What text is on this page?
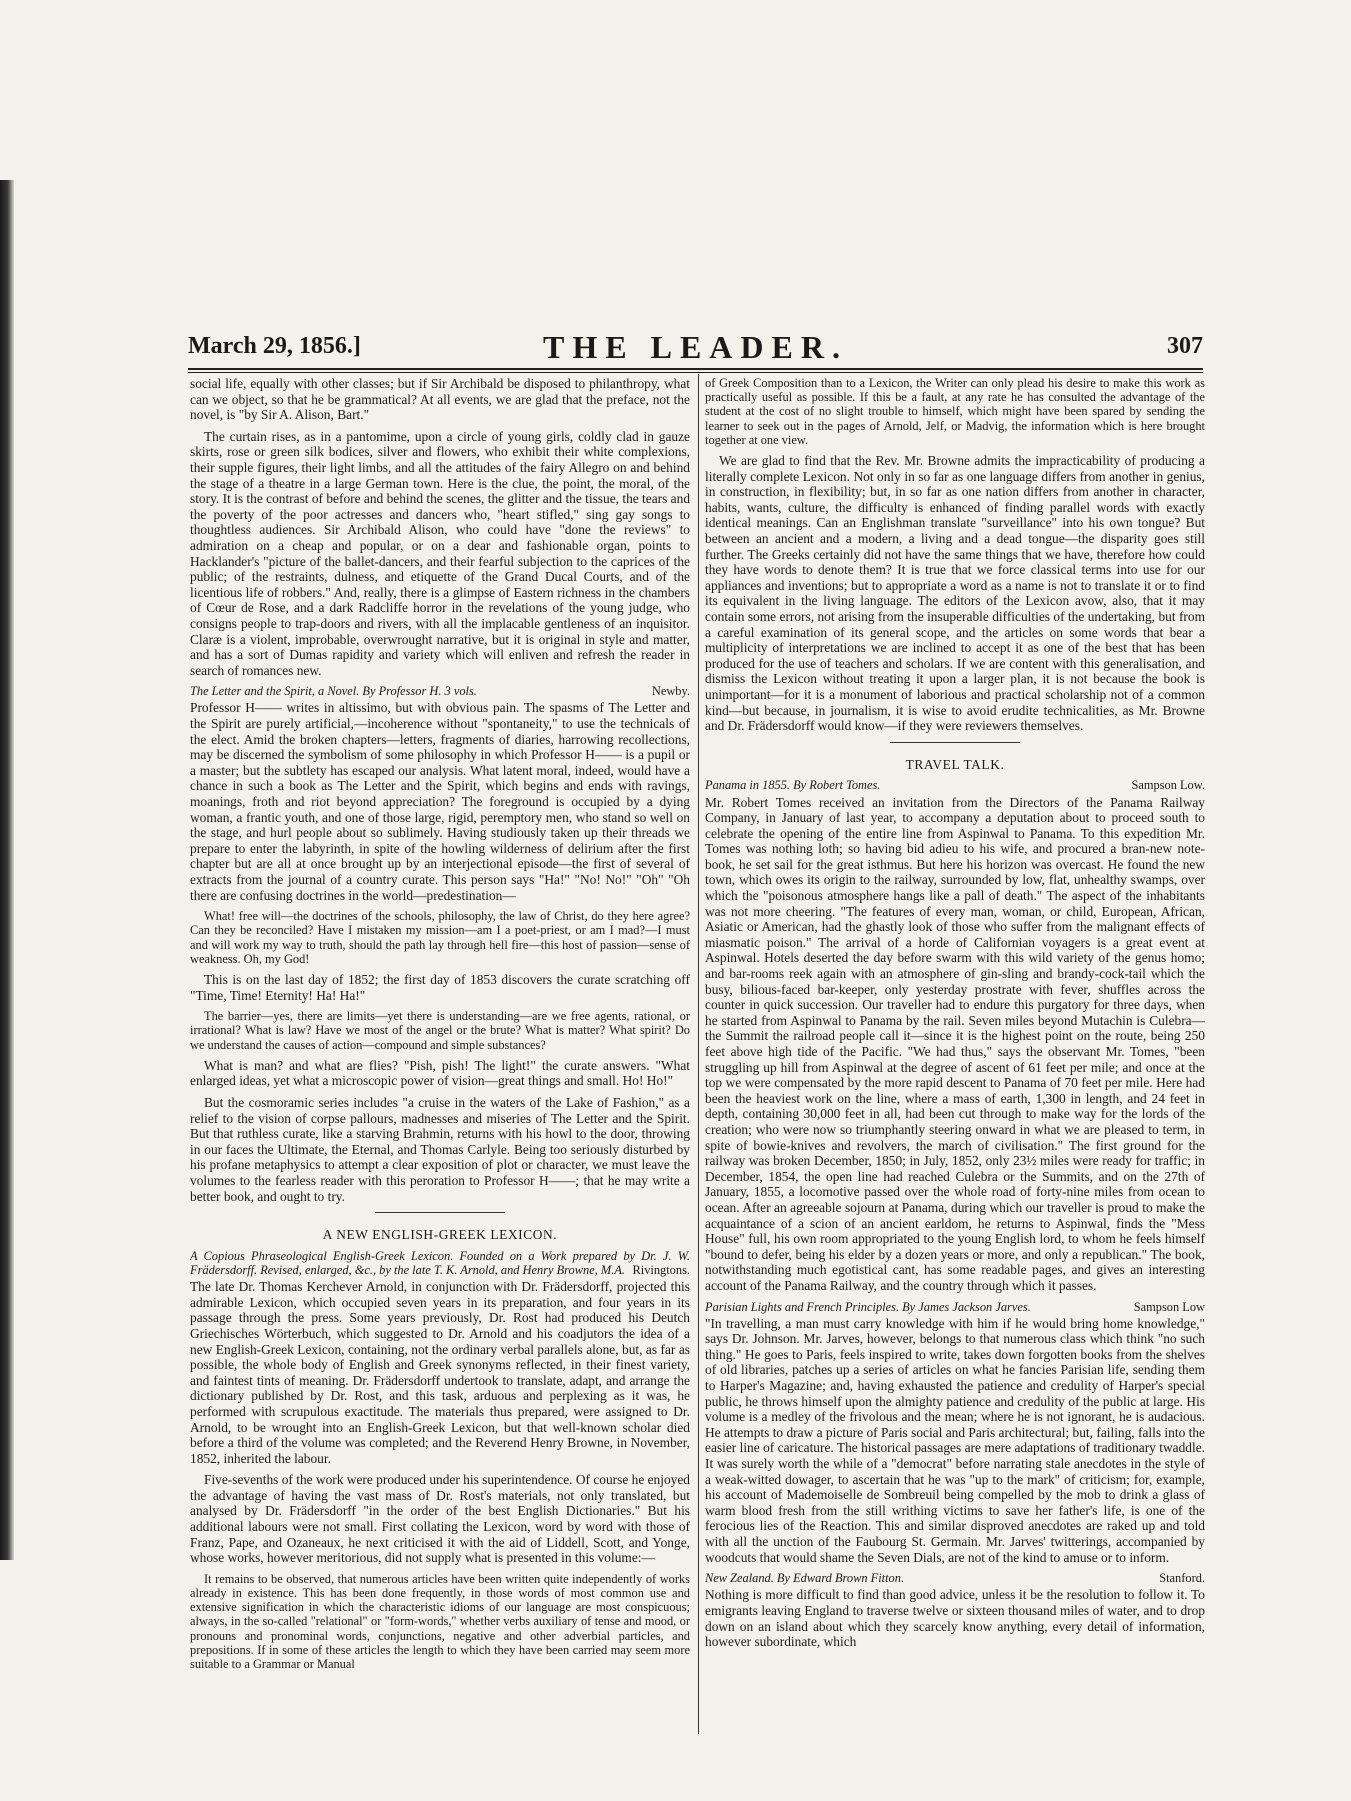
March 29, 1856.]	THE LEADER.	307

social life, equally with other classes; but if Sir Archibald be disposed to philanthropy, what can we object, so that he be grammatical? At all events, we are glad that the preface, not the novel, is "by Sir A. Alison, Bart."

The curtain rises, as in a pantomime, upon a circle of young girls, coldly clad in gauze skirts, rose or green silk bodices, silver and flowers, who exhibit their white complexions, their supple figures, their light limbs, and all the attitudes of the fairy Allegro on and behind the stage of a theatre in a large German town. Here is the clue, the point, the moral, of the story. It is the contrast of before and behind the scenes, the glitter and the tissue, the tears and the poverty of the poor actresses and dancers who, "heart stifled," sing gay songs to thoughtless audiences. Sir Archibald Alison, who could have "done the reviews" to admiration on a cheap and popular, or on a dear and fashionable organ, points to Hacklander's "picture of the ballet-dancers, and their fearful subjection to the caprices of the public; of the restraints, dulness, and etiquette of the Grand Ducal Courts, and of the licentious life of robbers." And, really, there is a glimpse of Eastern richness in the chambers of Cœur de Rose, and a dark Radcliffe horror in the revelations of the young judge, who consigns people to trap-doors and rivers, with all the implacable gentleness of an inquisitor. Claræ is a violent, improbable, overwrought narrative, but it is original in style and matter, and has a sort of Dumas rapidity and variety which will enliven and refresh the reader in search of romances new.

Newby.
The Letter and the Spirit, a Novel. By Professor H. 3 vols.

Professor H—— writes in altissimo, but with obvious pain. The spasms of The Letter and the Spirit are purely artificial,—incoherence without "spontaneity," to use the technicals of the elect. Amid the broken chapters—letters, fragments of diaries, harrowing recollections, may be discerned the symbolism of some philosophy in which Professor H—— is a pupil or a master; but the subtlety has escaped our analysis. What latent moral, indeed, would have a chance in such a book as The Letter and the Spirit, which begins and ends with ravings, moanings, froth and riot beyond appreciation? The foreground is occupied by a dying woman, a frantic youth, and one of those large, rigid, peremptory men, who stand so well on the stage, and hurl people about so sublimely. Having studiously taken up their threads we prepare to enter the labyrinth, in spite of the howling wilderness of delirium after the first chapter but are all at once brought up by an interjectional episode—the first of several of extracts from the journal of a country curate. This person says "Ha!" "No! No!" "Oh" "Oh there are confusing doctrines in the world—predestination—

What! free will—the doctrines of the schools, philosophy, the law of Christ, do they here agree? Can they be reconciled? Have I mistaken my mission—am I a poet-priest, or am I mad?—I must and will work my way to truth, should the path lay through hell fire—this host of passion—sense of weakness. Oh, my God!

This is on the last day of 1852; the first day of 1853 discovers the curate scratching off "Time, Time! Eternity! Ha! Ha!"

The barrier—yes, there are limits—yet there is understanding—are we free agents, rational, or irrational? What is law? Have we most of the angel or the brute? What is matter? What spirit? Do we understand the causes of action—compound and simple substances?

What is man? and what are flies? "Pish, pish! The light!" the curate answers. "What enlarged ideas, yet what a microscopic power of vision—great things and small. Ho! Ho!"

But the cosmoramic series includes "a cruise in the waters of the Lake of Fashion," as a relief to the vision of corpse pallours, madnesses and miseries of The Letter and the Spirit. But that ruthless curate, like a starving Brahmin, returns with his howl to the door, throwing in our faces the Ultimate, the Eternal, and Thomas Carlyle. Being too seriously disturbed by his profane metaphysics to attempt a clear exposition of plot or character, we must leave the volumes to the fearless reader with this peroration to Professor H——; that he may write a better book, and ought to try.

A NEW ENGLISH-GREEK LEXICON.

A Copious Phraseological English-Greek Lexicon. Founded on a Work prepared by Dr. J. W. Frädersdorff. Revised, enlarged, &c., by the late T. K. Arnold, and Henry Browne, M.A. Rivingtons.

The late Dr. Thomas Kerchever Arnold, in conjunction with Dr. Frädersdorff, projected this admirable Lexicon, which occupied seven years in its preparation, and four years in its passage through the press. Some years previously, Dr. Rost had produced his Deutch Griechisches Wörterbuch, which suggested to Dr. Arnold and his coadjutors the idea of a new English-Greek Lexicon, containing, not the ordinary verbal parallels alone, but, as far as possible, the whole body of English and Greek synonyms reflected, in their finest variety, and faintest tints of meaning. Dr. Frädersdorff undertook to translate, adapt, and arrange the dictionary published by Dr. Rost, and this task, arduous and perplexing as it was, he performed with scrupulous exactitude. The materials thus prepared, were assigned to Dr. Arnold, to be wrought into an English-Greek Lexicon, but that well-known scholar died before a third of the volume was completed; and the Reverend Henry Browne, in November, 1852, inherited the labour.

Five-sevenths of the work were produced under his superintendence. Of course he enjoyed the advantage of having the vast mass of Dr. Rost's materials, not only translated, but analysed by Dr. Frädersdorff "in the order of the best English Dictionaries." But his additional labours were not small. First collating the Lexicon, word by word with those of Franz, Pape, and Ozaneaux, he next criticised it with the aid of Liddell, Scott, and Yonge, whose works, however meritorious, did not supply what is presented in this volume:—

It remains to be observed, that numerous articles have been written quite independently of works already in existence. This has been done frequently, in those words of most common use and extensive signification in which the characteristic idioms of our language are most conspicuous; always, in the so-called "relational" or "form-words," whether verbs auxiliary of tense and mood, or pronouns and pronominal words, conjunctions, negative and other adverbial particles, and prepositions. If in some of these articles the length to which they have been carried may seem more suitable to a Grammar or Manual

of Greek Composition than to a Lexicon, the Writer can only plead his desire to make this work as practically useful as possible. If this be a fault, at any rate he has consulted the advantage of the student at the cost of no slight trouble to himself, which might have been spared by sending the learner to seek out in the pages of Arnold, Jelf, or Madvig, the information which is here brought together at one view.

We are glad to find that the Rev. Mr. Browne admits the impracticability of producing a literally complete Lexicon. Not only in so far as one language differs from another in genius, in construction, in flexibility; but, in so far as one nation differs from another in character, habits, wants, culture, the difficulty is enhanced of finding parallel words with exactly identical meanings. Can an Englishman translate "surveillance" into his own tongue? But between an ancient and a modern, a living and a dead tongue—the disparity goes still further. The Greeks certainly did not have the same things that we have, therefore how could they have words to denote them? It is true that we force classical terms into use for our appliances and inventions; but to appropriate a word as a name is not to translate it or to find its equivalent in the living language. The editors of the Lexicon avow, also, that it may contain some errors, not arising from the insuperable difficulties of the undertaking, but from a careful examination of its general scope, and the articles on some words that bear a multiplicity of interpretations we are inclined to accept it as one of the best that has been produced for the use of teachers and scholars. If we are content with this generalisation, and dismiss the Lexicon without treating it upon a larger plan, it is not because the book is unimportant—for it is a monument of laborious and practical scholarship not of a common kind—but because, in journalism, it is wise to avoid erudite technicalities, as Mr. Browne and Dr. Frädersdorff would know—if they were reviewers themselves.

TRAVEL TALK.

Sampson Low.
Panama in 1855. By Robert Tomes.

Mr. Robert Tomes received an invitation from the Directors of the Panama Railway Company, in January of last year, to accompany a deputation about to proceed south to celebrate the opening of the entire line from Aspinwal to Panama. To this expedition Mr. Tomes was nothing loth; so having bid adieu to his wife, and procured a bran-new note-book, he set sail for the great isthmus. But here his horizon was overcast. He found the new town, which owes its origin to the railway, surrounded by low, flat, unhealthy swamps, over which the "poisonous atmosphere hangs like a pall of death." The aspect of the inhabitants was not more cheering. "The features of every man, woman, or child, European, African, Asiatic or American, had the ghastly look of those who suffer from the malignant effects of miasmatic poison." The arrival of a horde of Californian voyagers is a great event at Aspinwal. Hotels deserted the day before swarm with this wild variety of the genus homo; and bar-rooms reek again with an atmosphere of gin-sling and brandy-cock-tail which the busy, bilious-faced bar-keeper, only yesterday prostrate with fever, shuffles across the counter in quick succession. Our traveller had to endure this purgatory for three days, when he started from Aspinwal to Panama by the rail. Seven miles beyond Mutachin is Culebra—the Summit the railroad people call it—since it is the highest point on the route, being 250 feet above high tide of the Pacific. "We had thus," says the observant Mr. Tomes, "been struggling up hill from Aspinwal at the degree of ascent of 61 feet per mile; and once at the top we were compensated by the more rapid descent to Panama of 70 feet per mile. Here had been the heaviest work on the line, where a mass of earth, 1,300 in length, and 24 feet in depth, containing 30,000 feet in all, had been cut through to make way for the lords of the creation; who were now so triumphantly steering onward in what we are pleased to term, in spite of bowie-knives and revolvers, the march of civilisation." The first ground for the railway was broken December, 1850; in July, 1852, only 23½ miles were ready for traffic; in December, 1854, the open line had reached Culebra or the Summits, and on the 27th of January, 1855, a locomotive passed over the whole road of forty-nine miles from ocean to ocean. After an agreeable sojourn at Panama, during which our traveller is proud to make the acquaintance of a scion of an ancient earldom, he returns to Aspinwal, finds the "Mess House" full, his own room appropriated to the young English lord, to whom he feels himself "bound to defer, being his elder by a dozen years or more, and only a republican." The book, notwithstanding much egotistical cant, has some readable pages, and gives an interesting account of the Panama Railway, and the country through which it passes.

Sampson Low
Parisian Lights and French Principles. By James Jackson Jarves.

"In travelling, a man must carry knowledge with him if he would bring home knowledge," says Dr. Johnson. Mr. Jarves, however, belongs to that numerous class which think "no such thing." He goes to Paris, feels inspired to write, takes down forgotten books from the shelves of old libraries, patches up a series of articles on what he fancies Parisian life, sending them to Harper's Magazine; and, having exhausted the patience and credulity of Harper's special public, he throws himself upon the almighty patience and credulity of the public at large. His volume is a medley of the frivolous and the mean; where he is not ignorant, he is audacious. He attempts to draw a picture of Paris social and Paris architectural; but, failing, falls into the easier line of caricature. The historical passages are mere adaptations of traditionary twaddle. It was surely worth the while of a "democrat" before narrating stale anecdotes in the style of a weak-witted dowager, to ascertain that he was "up to the mark" of criticism; for, example, his account of Mademoiselle de Sombreuil being compelled by the mob to drink a glass of warm blood fresh from the still writhing victims to save her father's life, is one of the ferocious lies of the Reaction. This and similar disproved anecdotes are raked up and told with all the unction of the Faubourg St. Germain. Mr. Jarves' twitterings, accompanied by woodcuts that would shame the Seven Dials, are not of the kind to amuse or to inform.

Stanford.
New Zealand. By Edward Brown Fitton.

Nothing is more difficult to find than good advice, unless it be the resolution to follow it. To emigrants leaving England to traverse twelve or sixteen thousand miles of water, and to drop down on an island about which they scarcely know anything, every detail of information, however subordinate, which
